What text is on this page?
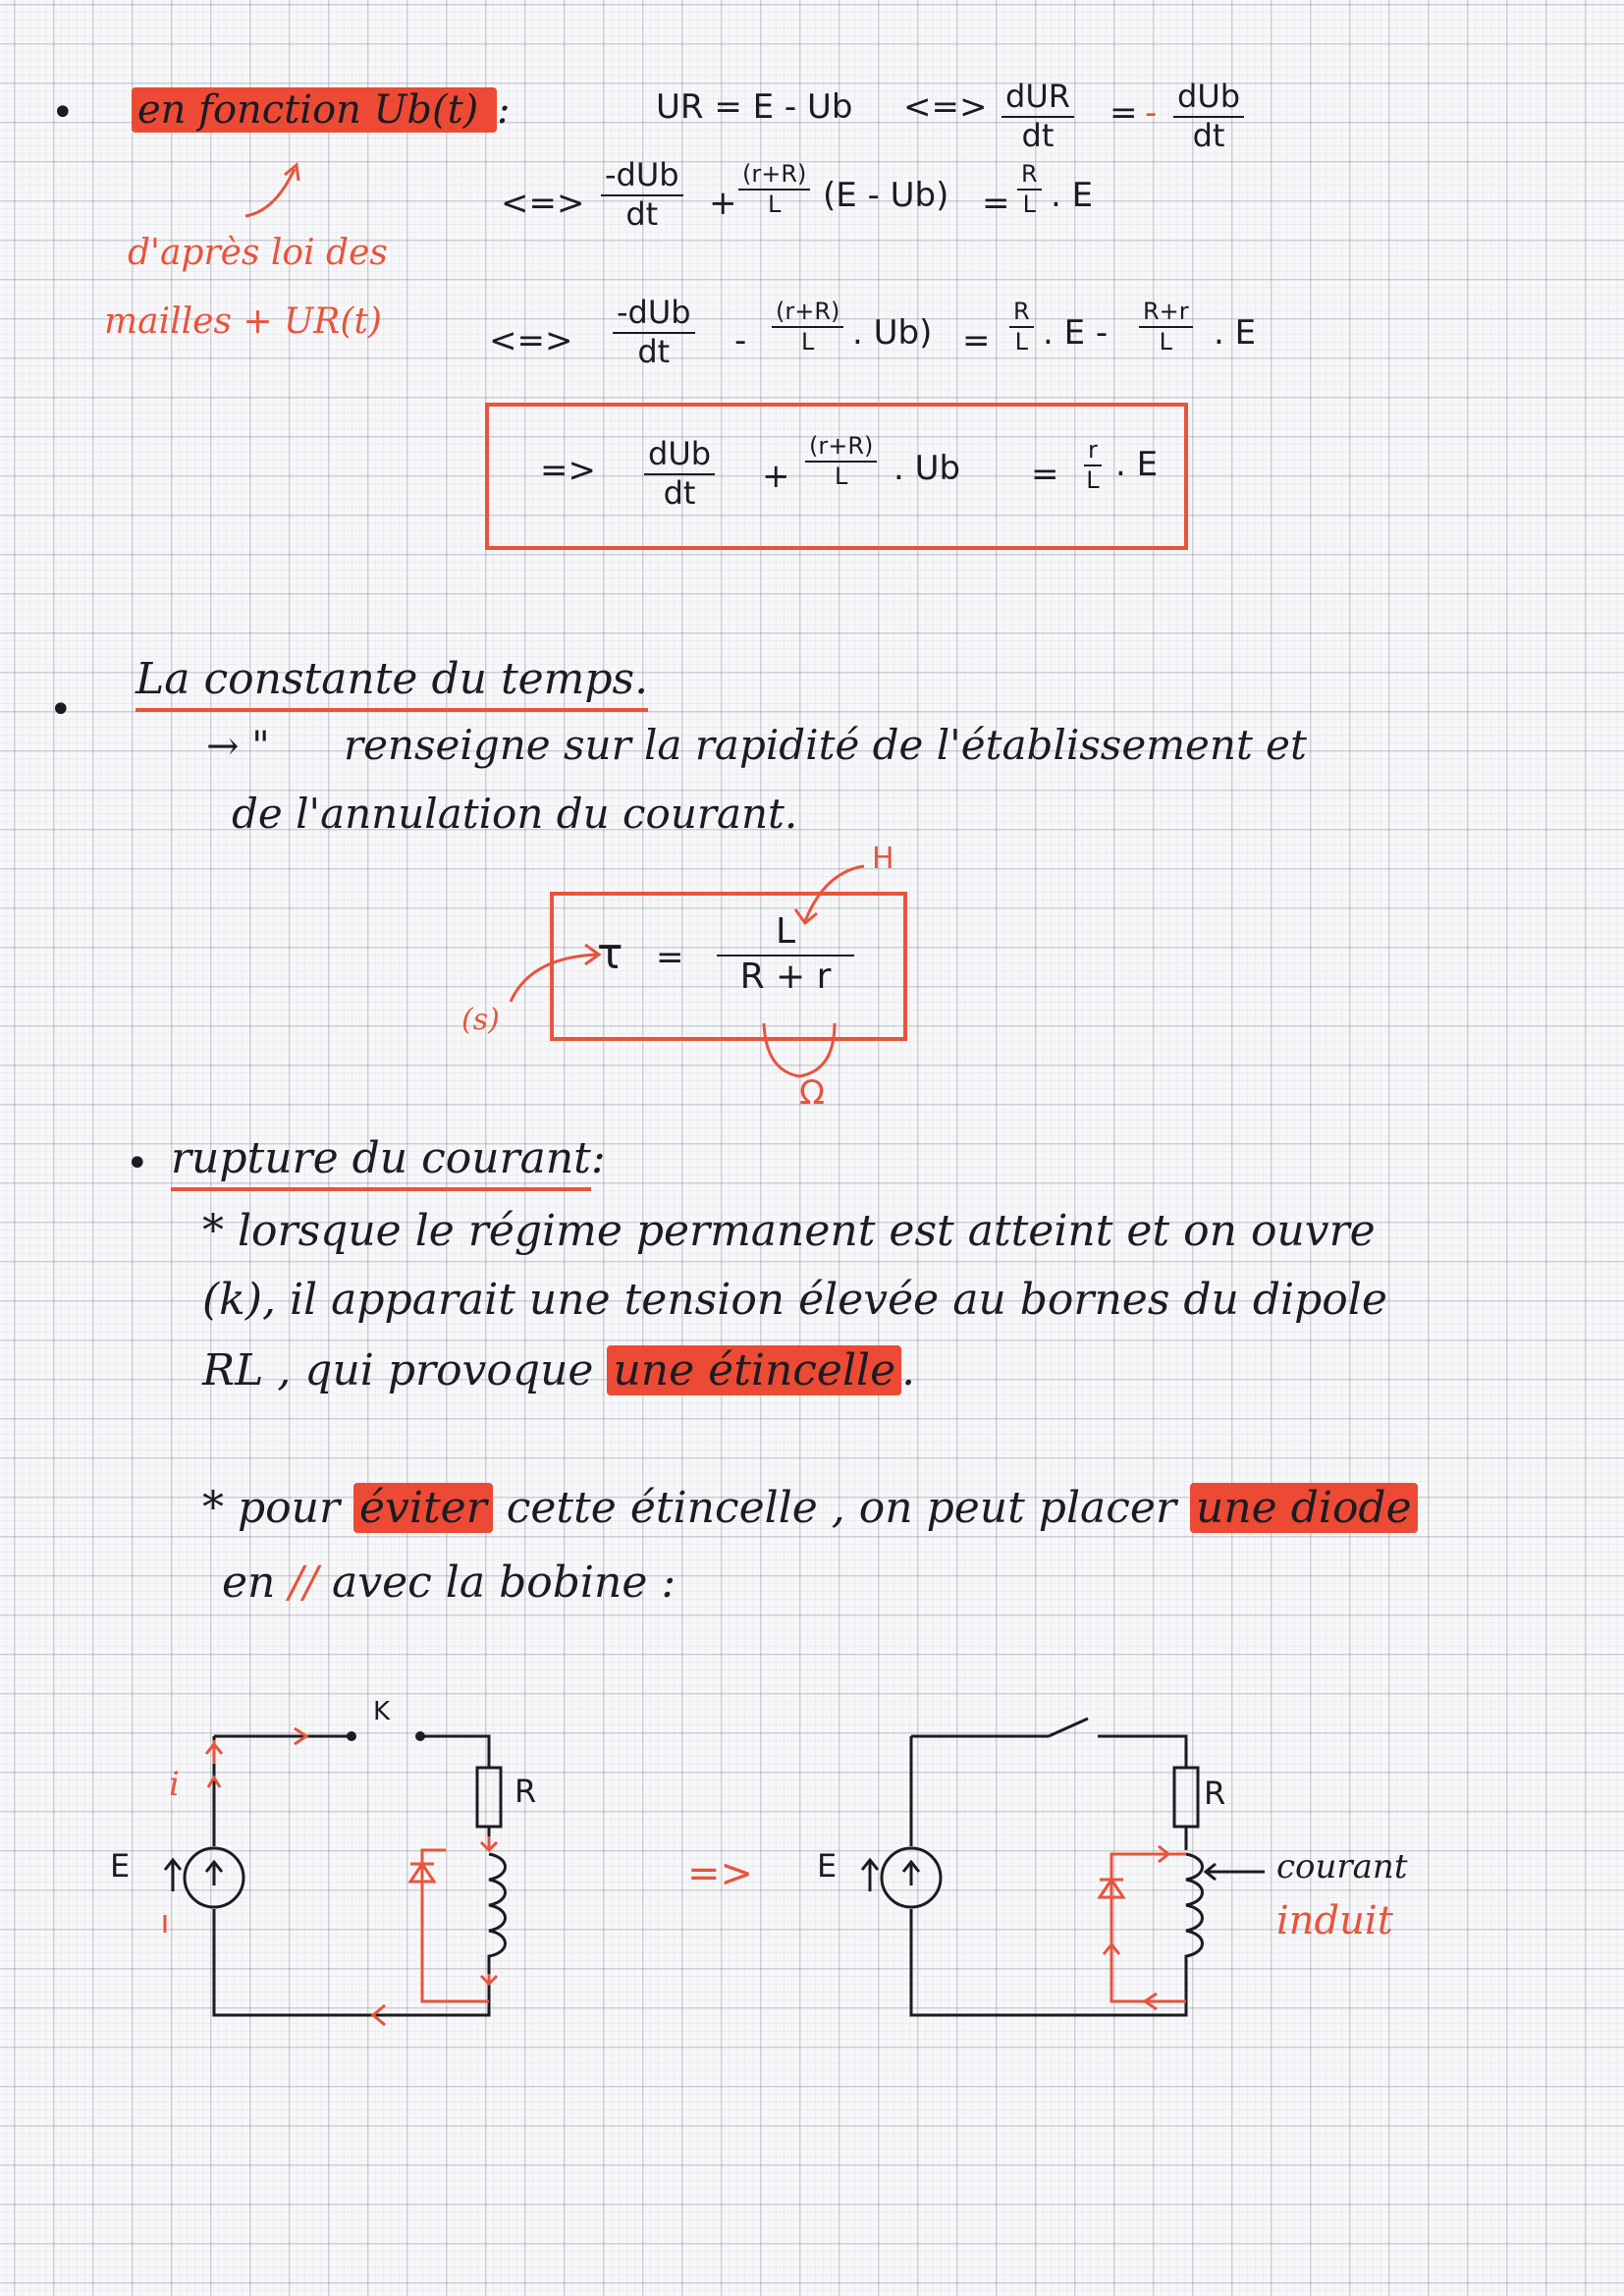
• en fonction Ub(t) :
d'après loi des
mailles + UR(t)
UR = E - Ub <=> dUR
dt
= - dUb
dt
<=>
-dUb
dt + $\frac{(r+R)}{L} (E - Ub) = \frac{R}{L}$ . E
<=>
-dUb
dt - $\frac{(r+R)}{L}$ . $Ub) = \frac{R}{L}$ . E - $\frac{R+r}{L}$ . E
=> dUb
dt + $\frac{(r+R)}{L}$ . $Ub = \frac{r}{L}$ . E
•
La constante du temps.
→ " renseigne sur la rapidité de l'établissement et
de l'annulation du courant.
$\tau = \frac{L}{R + r}$
(s)
H
Ω
• rupture du courant:
* lorsque le régime permanent est atteint et on ouvre
(k), il apparait une tension élevée au bornes du dipole
RL , qui provoque une étincelle .
* pour éviter cette étincelle , on peut placer une diode
en // avec la bobine :
E
i
K
R
=> E
R
courant
induit
